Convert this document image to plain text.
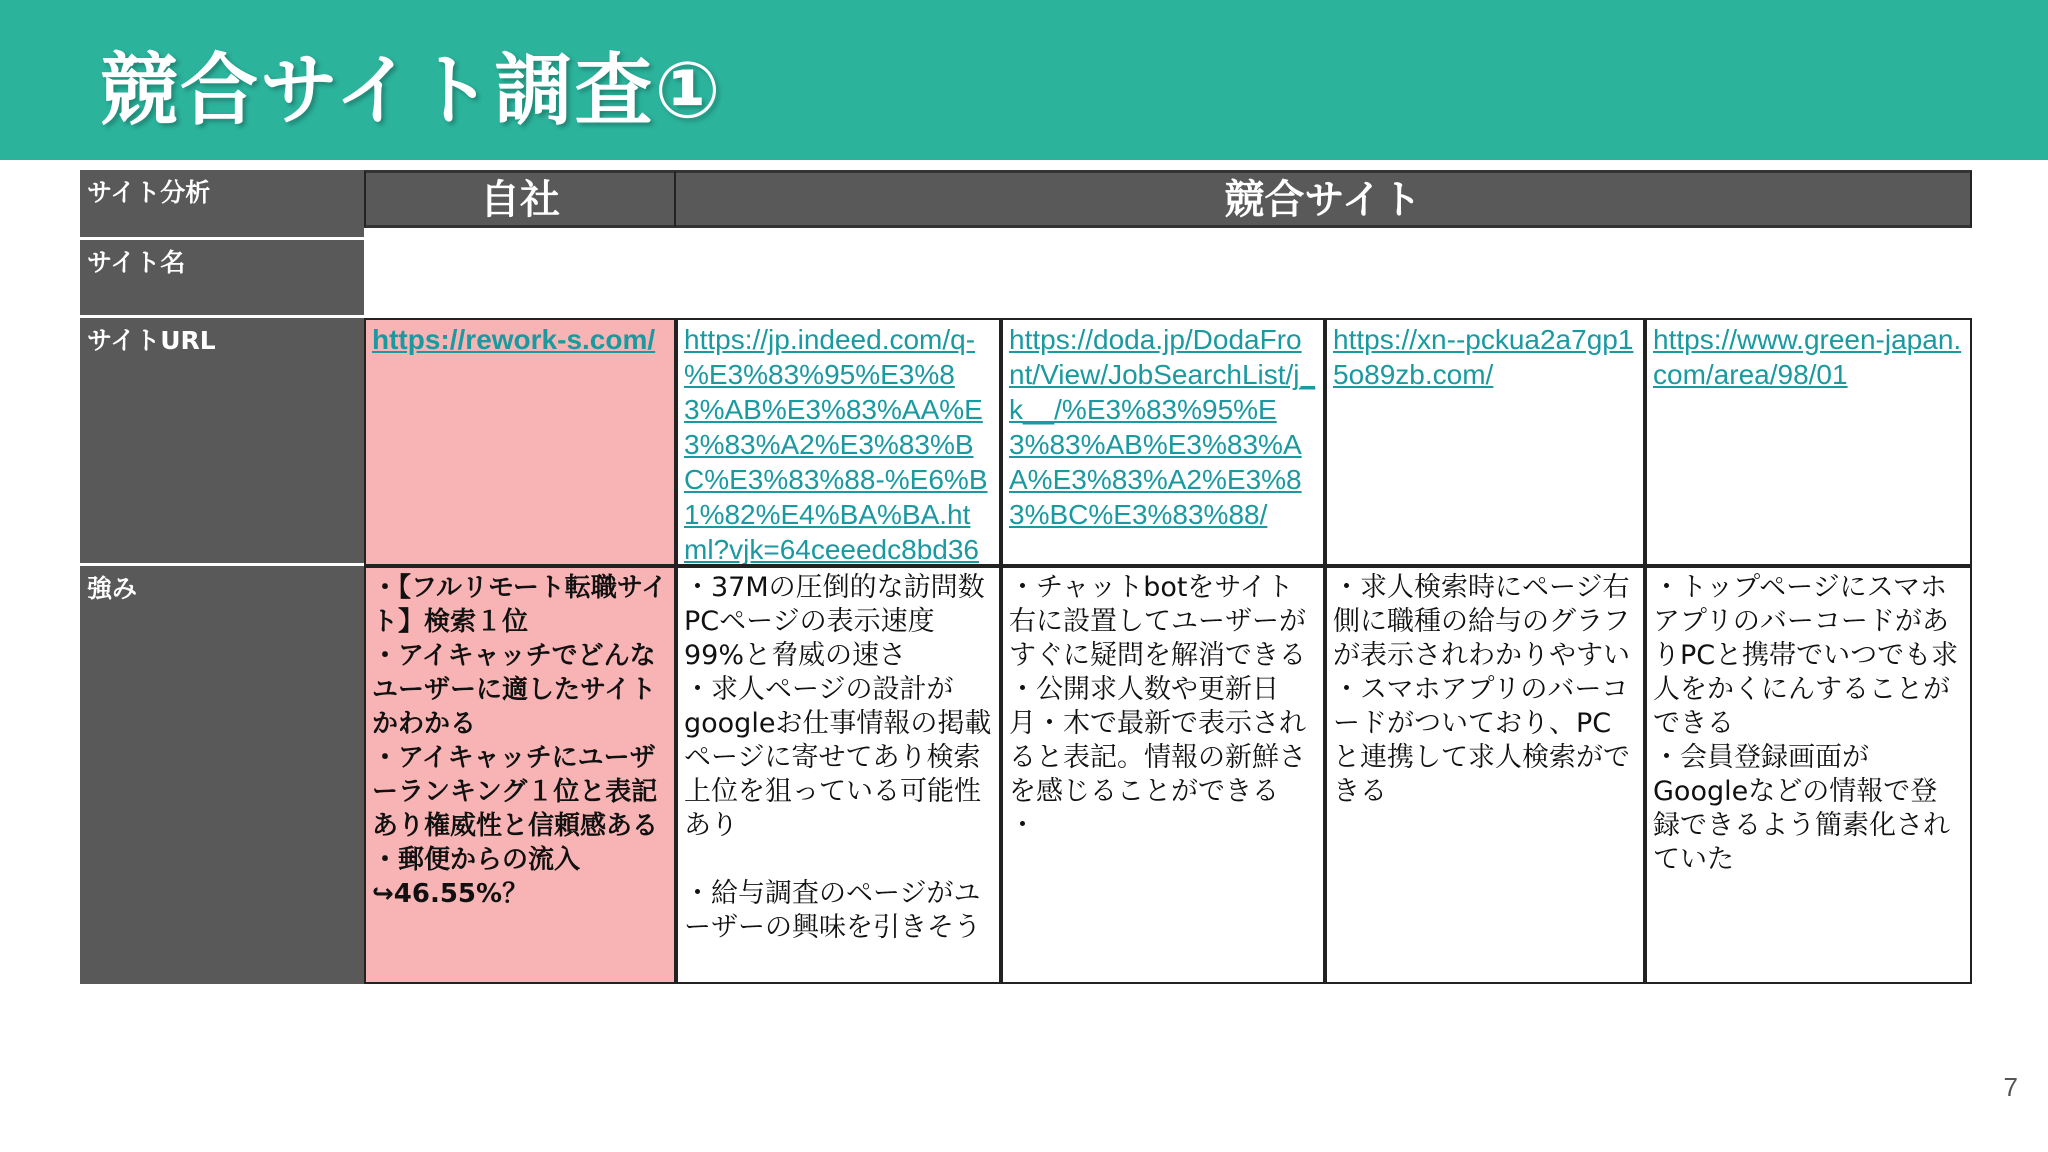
競合サイト調査①
サイト分析
サイト名
サイトURL
強み
自社	競合サイト
https://rework-s.com/	https://jp.indeed.com/q-%E3%83%95%E3%83%AB%E3%83%AA%E3%83%A2%E3%83%BC%E3%83%88-%E6%B1%82%E4%BA%BA.html?vjk=64ceeedc8bd36
https://doda.jp/DodaFront/View/JobSearchList/j_k__/%E3%83%95%E3%83%AB%E3%83%AA%E3%83%A2%E3%83%BC%E3%83%88/
https://xn--pckua2a7gp15o89zb.com/
https://www.green-japan.com/area/98/01
・【フルリモート転職サイト】検索１位
・アイキャッチでどんなユーザーに適したサイトかわかる
・アイキャッチにユーザーランキング１位と表記あり権威性と信頼感ある
・郵便からの流入
↪46.55%？
・37Mの圧倒的な訪問数
PCページの表示速度99%と脅威の速さ
・求人ページの設計がgoogleお仕事情報の掲載ページに寄せてあり検索上位を狙っている可能性あり
・給与調査のページがユーザーの興味を引きそう
・チャットbotをサイト右に設置してユーザーがすぐに疑問を解消できる
・公開求人数や更新日月・木で最新で表示されると表記。情報の新鮮さを感じることができる
・
・求人検索時にページ右側に職種の給与のグラフが表示されわかりやすい
・スマホアプリのバーコードがついており、PCと連携して求人検索ができる
・トップページにスマホアプリのバーコードがありPCと携帯でいつでも求人をかくにんすることができる
・会員登録画面がGoogleなどの情報で登録できるよう簡素化されていた
7
